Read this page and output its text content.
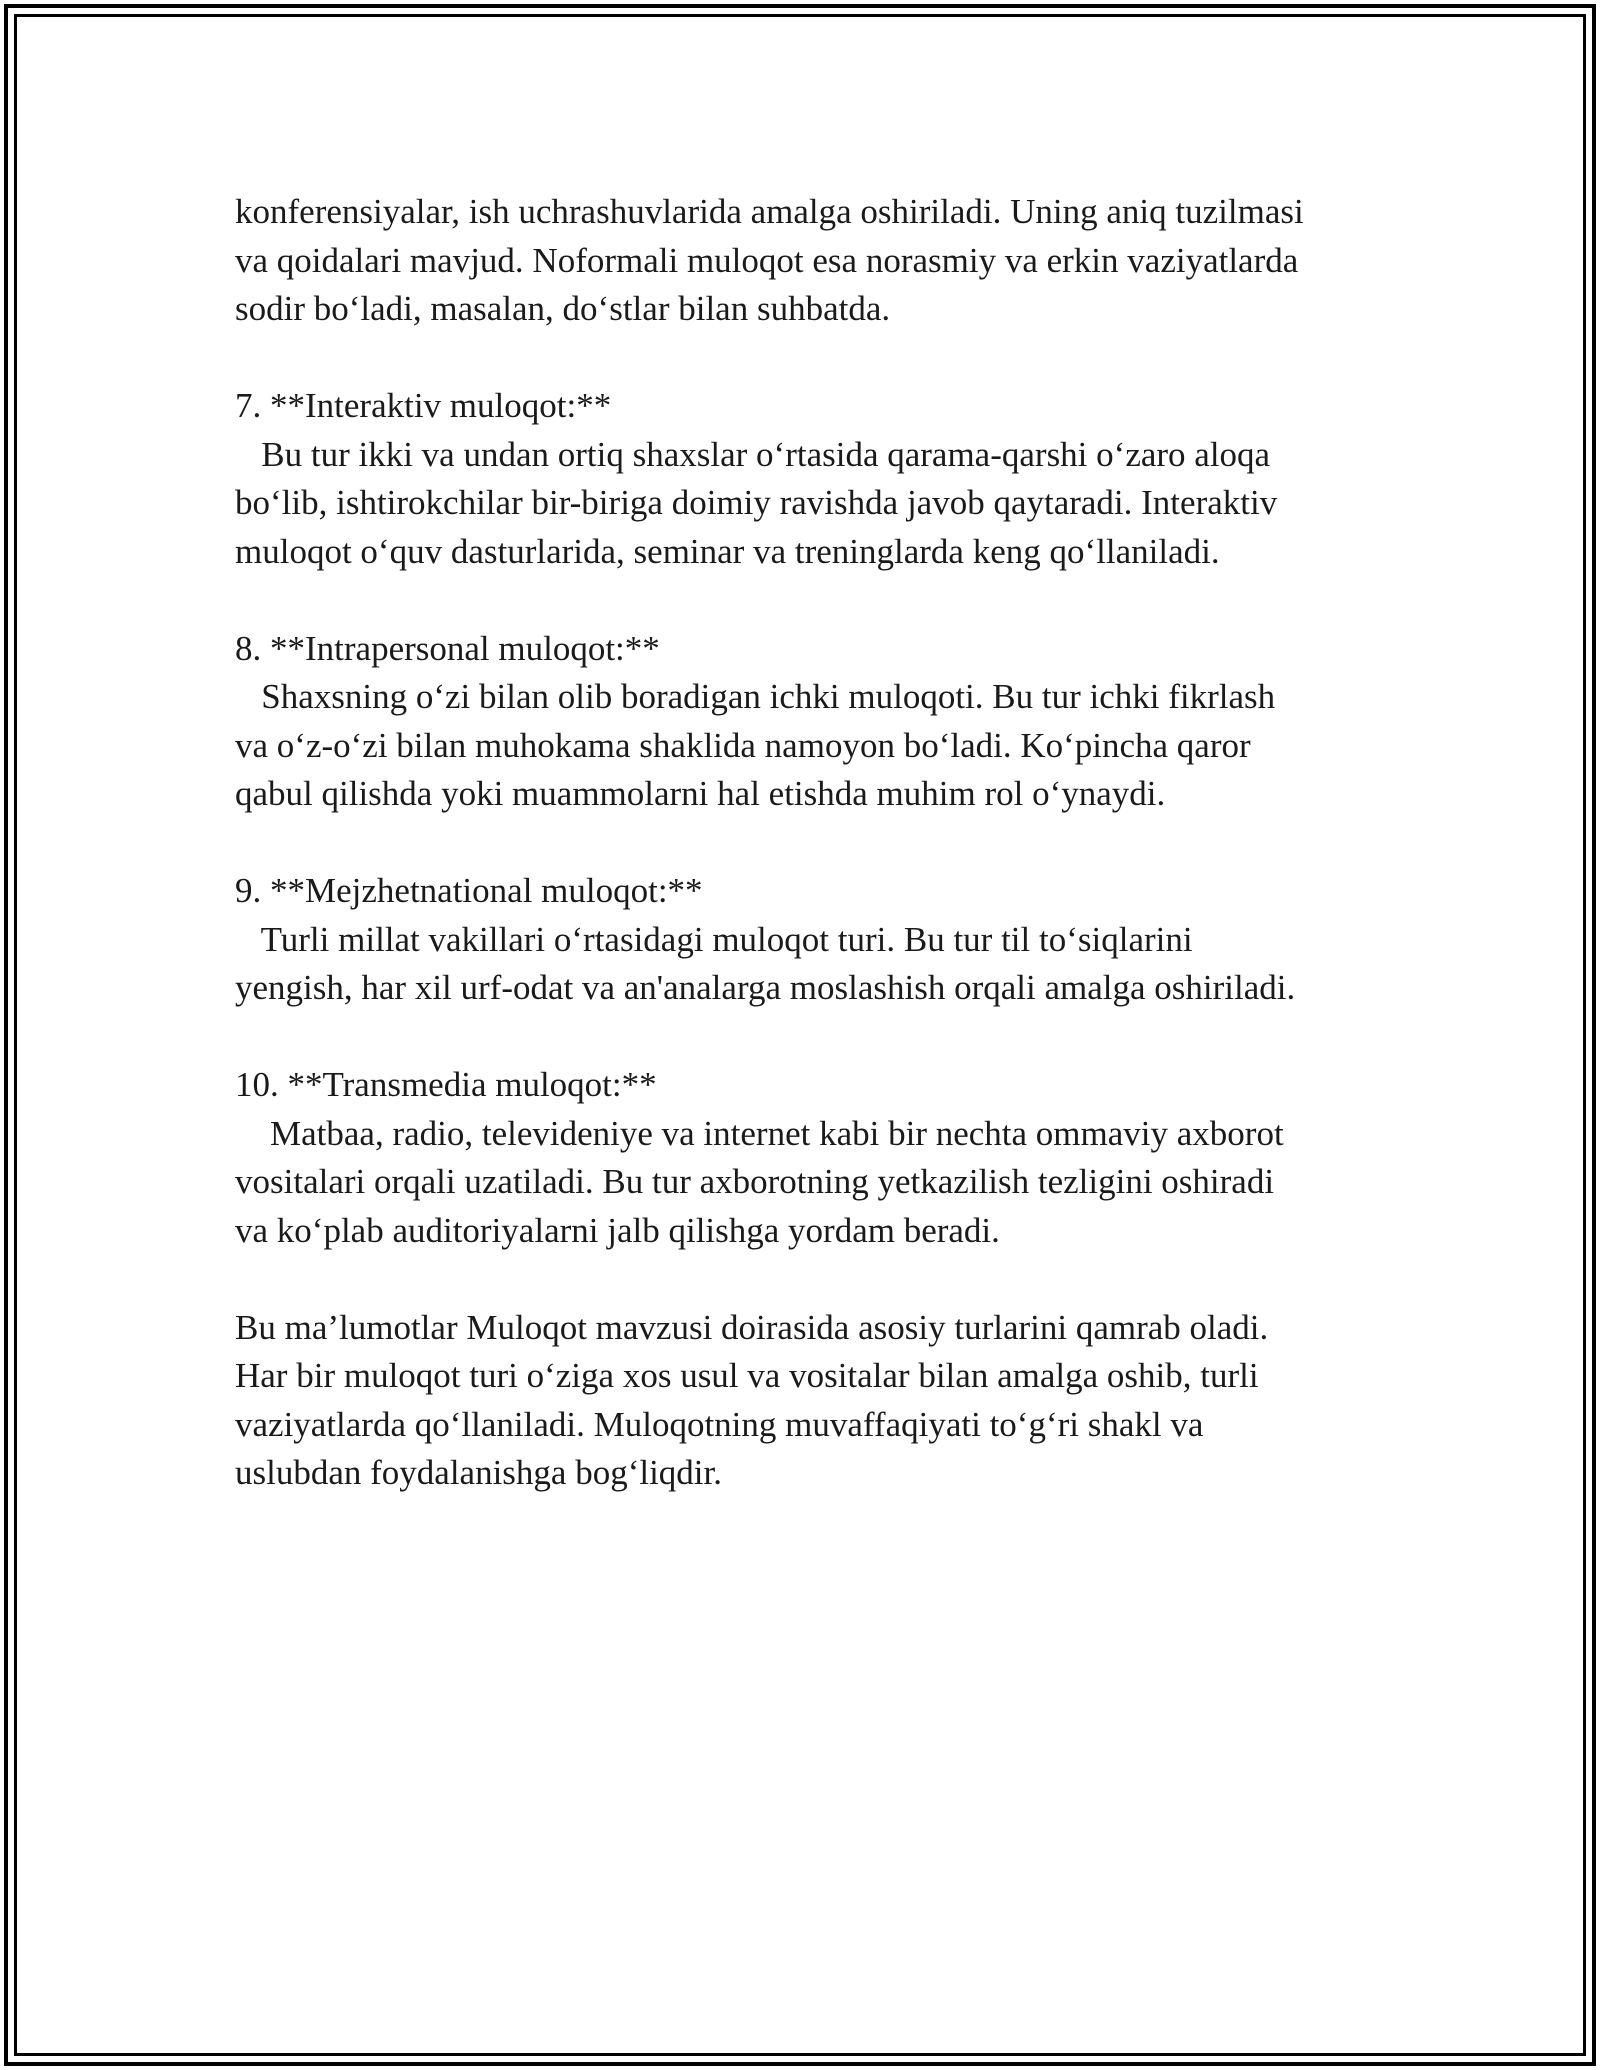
konferensiyalar, ish uchrashuvlarida amalga oshiriladi. Uning aniq tuzilmasi
va qoidalari mavjud. Noformali muloqot esa norasmiy va erkin vaziyatlarda
sodir bo‘ladi, masalan, do‘stlar bilan suhbatda.
7. **Interaktiv muloqot:**
Bu tur ikki va undan ortiq shaxslar o‘rtasida qarama-qarshi o‘zaro aloqa
bo‘lib, ishtirokchilar bir-biriga doimiy ravishda javob qaytaradi. Interaktiv
muloqot o‘quv dasturlarida, seminar va treninglarda keng qo‘llaniladi.
8. **Intrapersonal muloqot:**
Shaxsning o‘zi bilan olib boradigan ichki muloqoti. Bu tur ichki fikrlash
va o‘z-o‘zi bilan muhokama shaklida namoyon bo‘ladi. Ko‘pincha qaror
qabul qilishda yoki muammolarni hal etishda muhim rol o‘ynaydi.
9. **Mejzhetnational muloqot:**
Turli millat vakillari o‘rtasidagi muloqot turi. Bu tur til to‘siqlarini
yengish, har xil urf-odat va an'analarga moslashish orqali amalga oshiriladi.
10. **Transmedia muloqot:**
Matbaa, radio, televideniye va internet kabi bir nechta ommaviy axborot
vositalari orqali uzatiladi. Bu tur axborotning yetkazilish tezligini oshiradi
va ko‘plab auditoriyalarni jalb qilishga yordam beradi.
Bu ma’lumotlar Muloqot mavzusi doirasida asosiy turlarini qamrab oladi.
Har bir muloqot turi o‘ziga xos usul va vositalar bilan amalga oshib, turli
vaziyatlarda qo‘llaniladi. Muloqotning muvaffaqiyati to‘g‘ri shakl va
uslubdan foydalanishga bog‘liqdir.
